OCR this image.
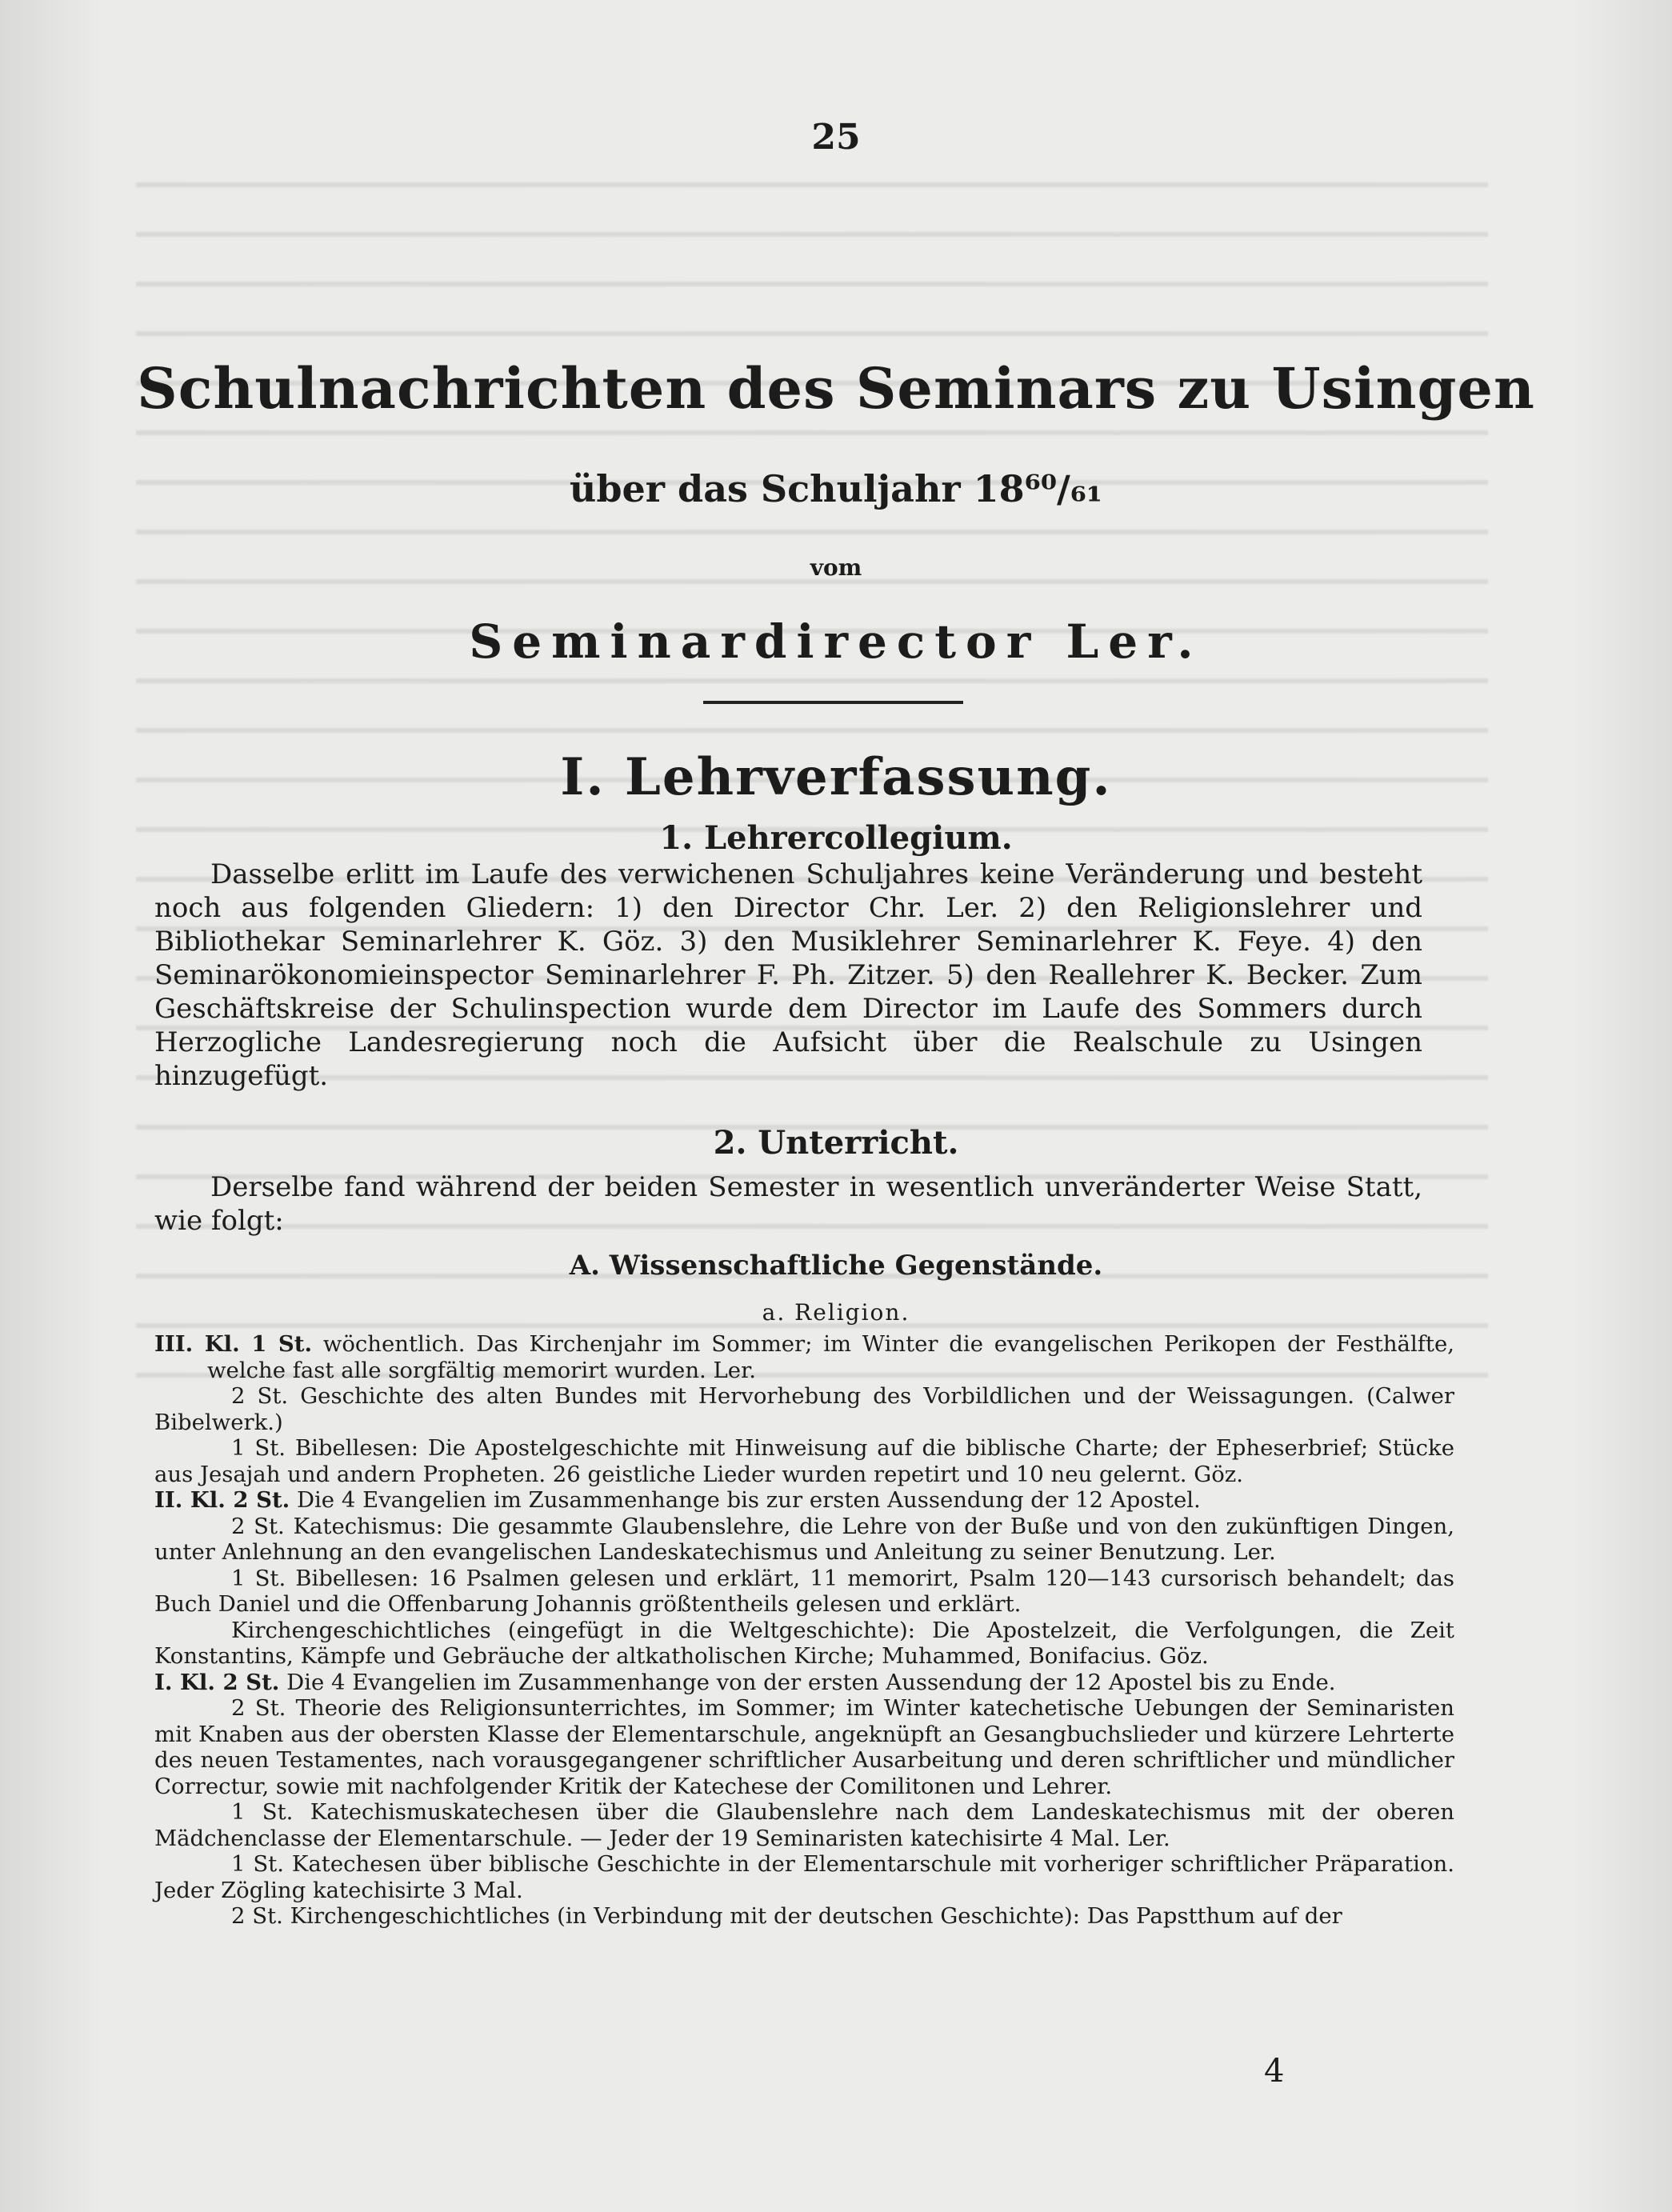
25
Schulnachrichten des Seminars zu Usingen
über das Schuljahr 18⁶⁰/₆₁
vom
Seminardirector Ler.
I. Lehrverfassung.
1. Lehrercollegium.
Dasselbe erlitt im Laufe des verwichenen Schuljahres keine Veränderung und besteht noch aus folgenden Gliedern: 1) den Director Chr. Ler. 2) den Religionslehrer und Bibliothekar Seminarlehrer K. Göz. 3) den Musiklehrer Seminarlehrer K. Feye. 4) den Seminarökonomieinspector Seminarlehrer F. Ph. Zitzer. 5) den Reallehrer K. Becker. Zum Geschäftskreise der Schulinspection wurde dem Director im Laufe des Sommers durch Herzogliche Landesregierung noch die Aufsicht über die Realschule zu Usingen hinzugefügt.
2. Unterricht.
Derselbe fand während der beiden Semester in wesentlich unveränderter Weise Statt, wie folgt:
A. Wissenschaftliche Gegenstände.
a. Religion.

III. Kl. 1 St. wöchentlich. Das Kirchenjahr im Sommer; im Winter die evangelischen Perikopen der Festhälfte, welche fast alle sorgfältig memorirt wurden. Ler.

2 St. Geschichte des alten Bundes mit Hervorhebung des Vorbildlichen und der Weissagungen. (Calwer Bibelwerk.)

1 St. Bibellesen: Die Apostelgeschichte mit Hinweisung auf die biblische Charte; der Epheserbrief; Stücke aus Jesajah und andern Propheten. 26 geistliche Lieder wurden repetirt und 10 neu gelernt. Göz.

II. Kl. 2 St. Die 4 Evangelien im Zusammenhange bis zur ersten Aussendung der 12 Apostel.

2 St. Katechismus: Die gesammte Glaubenslehre, die Lehre von der Buße und von den zukünftigen Dingen, unter Anlehnung an den evangelischen Landeskatechismus und Anleitung zu seiner Benutzung. Ler.

1 St. Bibellesen: 16 Psalmen gelesen und erklärt, 11 memorirt, Psalm 120—143 cursorisch behandelt; das Buch Daniel und die Offenbarung Johannis größtentheils gelesen und erklärt.

Kirchengeschichtliches (eingefügt in die Weltgeschichte): Die Apostelzeit, die Verfolgungen, die Zeit Konstantins, Kämpfe und Gebräuche der altkatholischen Kirche; Muhammed, Bonifacius. Göz.

I. Kl. 2 St. Die 4 Evangelien im Zusammenhange von der ersten Aussendung der 12 Apostel bis zu Ende.

2 St. Theorie des Religionsunterrichtes, im Sommer; im Winter katechetische Uebungen der Seminaristen mit Knaben aus der obersten Klasse der Elementarschule, angeknüpft an Gesangbuchslieder und kürzere Lehrterte des neuen Testamentes, nach vorausgegangener schriftlicher Ausarbeitung und deren schriftlicher und mündlicher Correctur, sowie mit nachfolgender Kritik der Katechese der Comilitonen und Lehrer.

1 St. Katechismuskatechesen über die Glaubenslehre nach dem Landeskatechismus mit der oberen Mädchenclasse der Elementarschule. — Jeder der 19 Seminaristen katechisirte 4 Mal. Ler.

1 St. Katechesen über biblische Geschichte in der Elementarschule mit vorheriger schriftlicher Präparation. Jeder Zögling katechisirte 3 Mal.

2 St. Kirchengeschichtliches (in Verbindung mit der deutschen Geschichte): Das Papstthum auf der

4
